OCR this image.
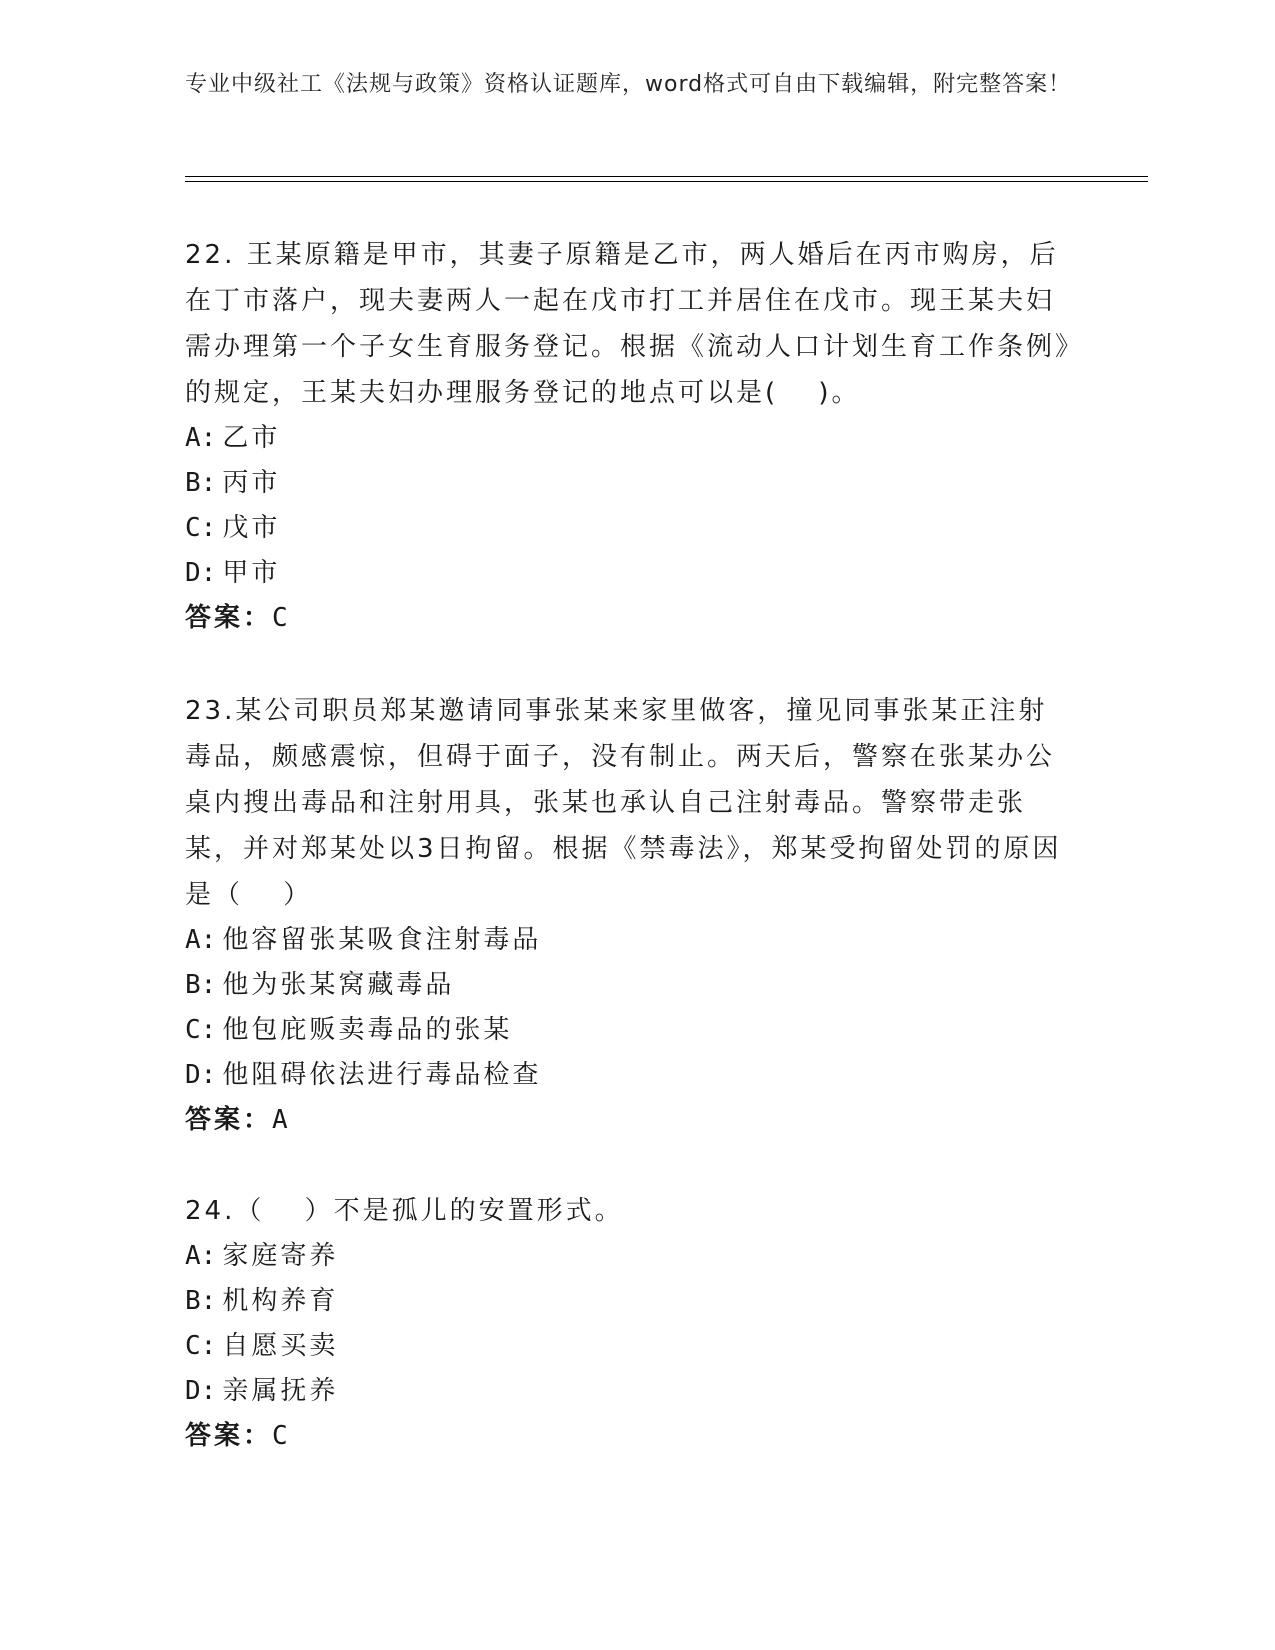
专业中级社工《法规与政策》资格认证题库，word格式可自由下载编辑，附完整答案！
22. 王某原籍是甲市，其妻子原籍是乙市，两人婚后在丙市购房，后在丁市落户，现夫妻两人一起在戊市打工并居住在戊市。现王某夫妇需办理第一个子女生育服务登记。根据《流动人口计划生育工作条例》的规定，王某夫妇办理服务登记的地点可以是(　 )。
A: 乙市
B: 丙市
C: 戊市
D: 甲市
答案：C
23.某公司职员郑某邀请同事张某来家里做客，撞见同事张某正注射毒品，颇感震惊，但碍于面子，没有制止。两天后，警察在张某办公桌内搜出毒品和注射用具，张某也承认自己注射毒品。警察带走张某，并对郑某处以3日拘留。根据《禁毒法》，郑某受拘留处罚的原因是（　 ）
A: 他容留张某吸食注射毒品
B: 他为张某窝藏毒品
C: 他包庇贩卖毒品的张某
D: 他阻碍依法进行毒品检查
答案：A
24.（　 ）不是孤儿的安置形式。
A: 家庭寄养
B: 机构养育
C: 自愿买卖
D: 亲属抚养
答案：C
